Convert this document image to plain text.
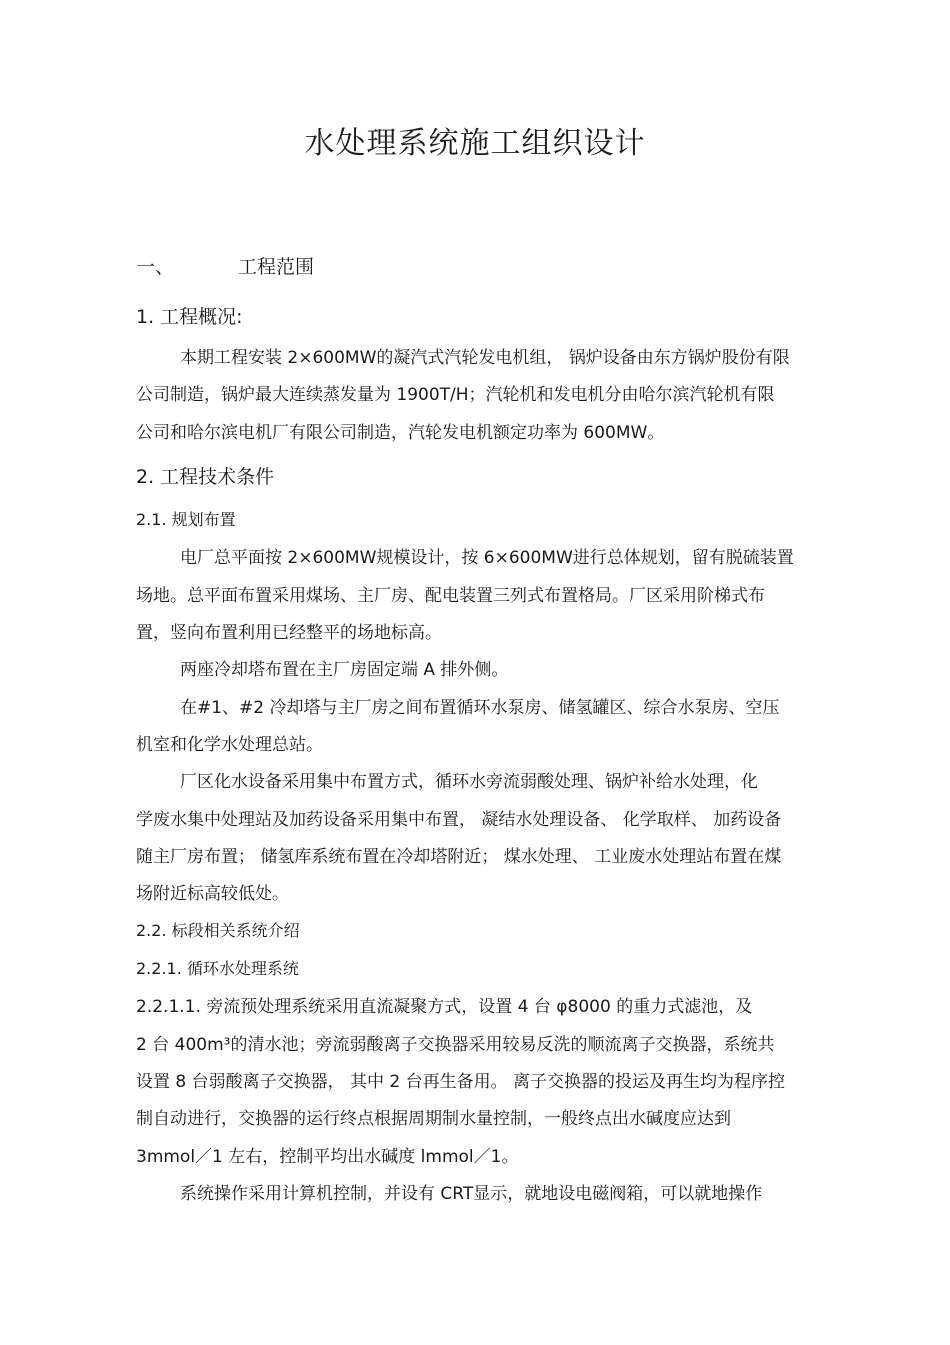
水处理系统施工组织设计
一、	工程范围
1. 工程概况:
本期工程安装 2×600MW的凝汽式汽轮发电机组， 锅炉设备由东方锅炉股份有限
公司制造，锅炉最大连续蒸发量为 1900T/H；汽轮机和发电机分由哈尔滨汽轮机有限
公司和哈尔滨电机厂有限公司制造，汽轮发电机额定功率为 600MW。
2. 工程技术条件
2.1. 规划布置
电厂总平面按 2×600MW规模设计，按 6×600MW进行总体规划，留有脱硫装置
场地。总平面布置采用煤场、主厂房、配电装置三列式布置格局。厂区采用阶梯式布
置，竖向布置利用已经整平的场地标高。
两座冷却塔布置在主厂房固定端 A 排外侧。
在#1、#2 冷却塔与主厂房之间布置循环水泵房、储氢罐区、综合水泵房、空压
机室和化学水处理总站。
厂区化水设备采用集中布置方式，循环水旁流弱酸处理、锅炉补给水处理，化
学废水集中处理站及加药设备采用集中布置， 凝结水处理设备、 化学取样、 加药设备
随主厂房布置； 储氢库系统布置在冷却塔附近； 煤水处理、 工业废水处理站布置在煤
场附近标高较低处。
2.2. 标段相关系统介绍
2.2.1. 循环水处理系统
2.2.1.1. 旁流预处理系统采用直流凝聚方式，设置 4 台 φ8000 的重力式滤池，及
2 台 400m³的清水池；旁流弱酸离子交换器采用较易反洗的顺流离子交换器，系统共
设置 8 台弱酸离子交换器， 其中 2 台再生备用。 离子交换器的投运及再生均为程序控
制自动进行，交换器的运行终点根据周期制水量控制，一般终点出水碱度应达到
3mmol／1 左右，控制平均出水碱度 lmmol／1。
系统操作采用计算机控制，并设有 CRT显示，就地设电磁阀箱，可以就地操作
